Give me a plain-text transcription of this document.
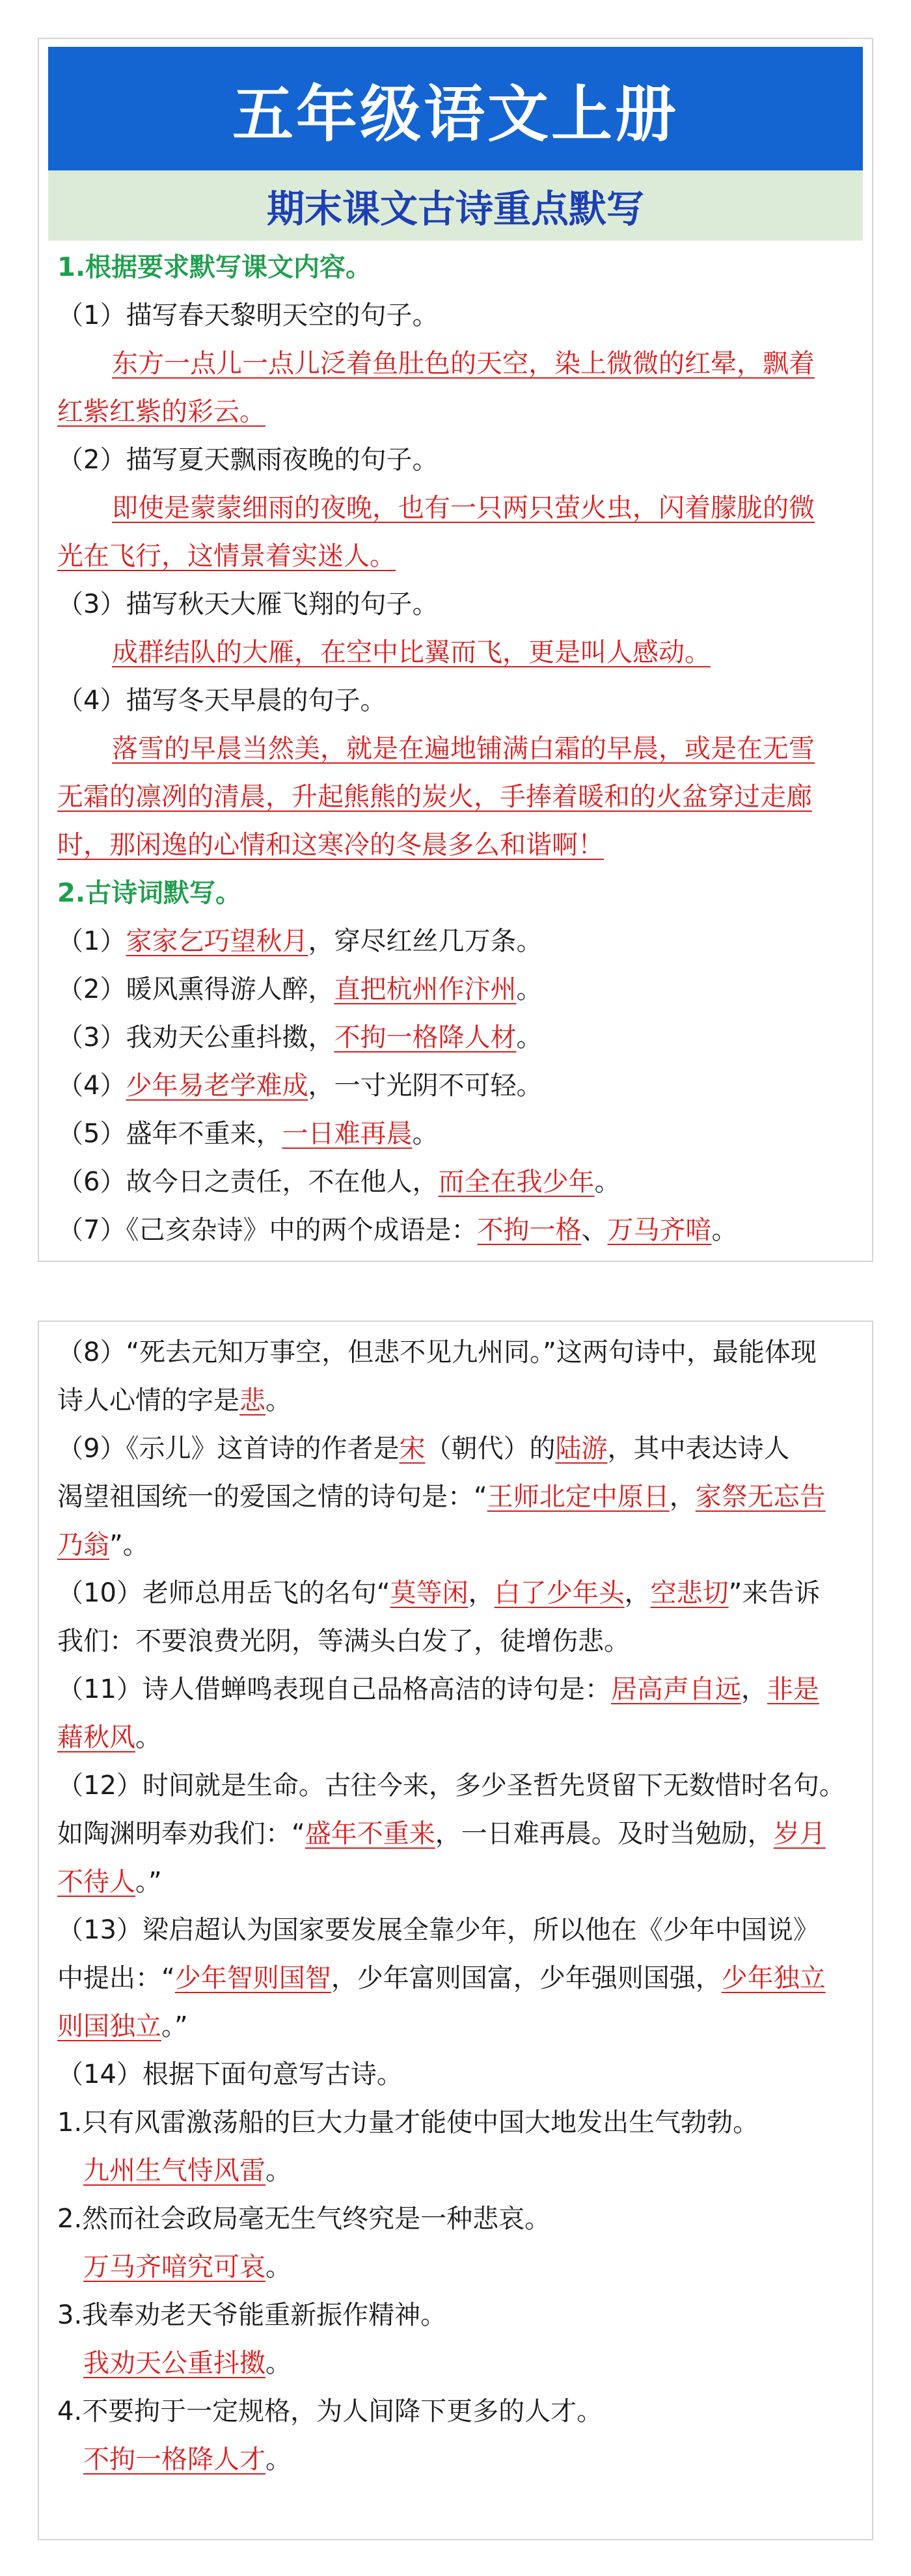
五年级语文上册
期末课文古诗重点默写
1.根据要求默写课文内容。
（1）描写春天黎明天空的句子。
东方一点儿一点儿泛着鱼肚色的天空，染上微微的红晕，飘着
红紫红紫的彩云。
（2）描写夏天飘雨夜晚的句子。
即使是蒙蒙细雨的夜晚，也有一只两只萤火虫，闪着朦胧的微
光在飞行，这情景着实迷人。
（3）描写秋天大雁飞翔的句子。
成群结队的大雁，在空中比翼而飞，更是叫人感动。
（4）描写冬天早晨的句子。
落雪的早晨当然美，就是在遍地铺满白霜的早晨，或是在无雪
无霜的凛冽的清晨，升起熊熊的炭火，手捧着暖和的火盆穿过走廊
时，那闲逸的心情和这寒冷的冬晨多么和谐啊！
2.古诗词默写。
（1）家家乞巧望秋月，穿尽红丝几万条。
（2）暖风熏得游人醉，直把杭州作汴州。
（3）我劝天公重抖擞，不拘一格降人材。
（4）少年易老学难成，一寸光阴不可轻。
（5）盛年不重来，一日难再晨。
（6）故今日之责任，不在他人，而全在我少年。
（7）《己亥杂诗》中的两个成语是：不拘一格、万马齐喑。
（8）“死去元知万事空，但悲不见九州同。”这两句诗中，最能体现
诗人心情的字是悲。
（9）《示儿》这首诗的作者是宋（朝代）的陆游，其中表达诗人
渴望祖国统一的爱国之情的诗句是：“王师北定中原日，家祭无忘告
乃翁”。
（10）老师总用岳飞的名句“莫等闲，白了少年头，空悲切”来告诉
我们：不要浪费光阴，等满头白发了，徒增伤悲。
（11）诗人借蝉鸣表现自己品格高洁的诗句是：居高声自远，非是
藉秋风。
（12）时间就是生命。古往今来，多少圣哲先贤留下无数惜时名句。
如陶渊明奉劝我们：“盛年不重来，一日难再晨。及时当勉励，岁月
不待人。”
（13）梁启超认为国家要发展全靠少年，所以他在《少年中国说》
中提出：“少年智则国智，少年富则国富，少年强则国强，少年独立
则国独立。”
（14）根据下面句意写古诗。
1.只有风雷激荡船的巨大力量才能使中国大地发出生气勃勃。
九州生气恃风雷。
2.然而社会政局毫无生气终究是一种悲哀。
万马齐喑究可哀。
3.我奉劝老天爷能重新振作精神。
我劝天公重抖擞。
4.不要拘于一定规格，为人间降下更多的人才。
不拘一格降人才。
